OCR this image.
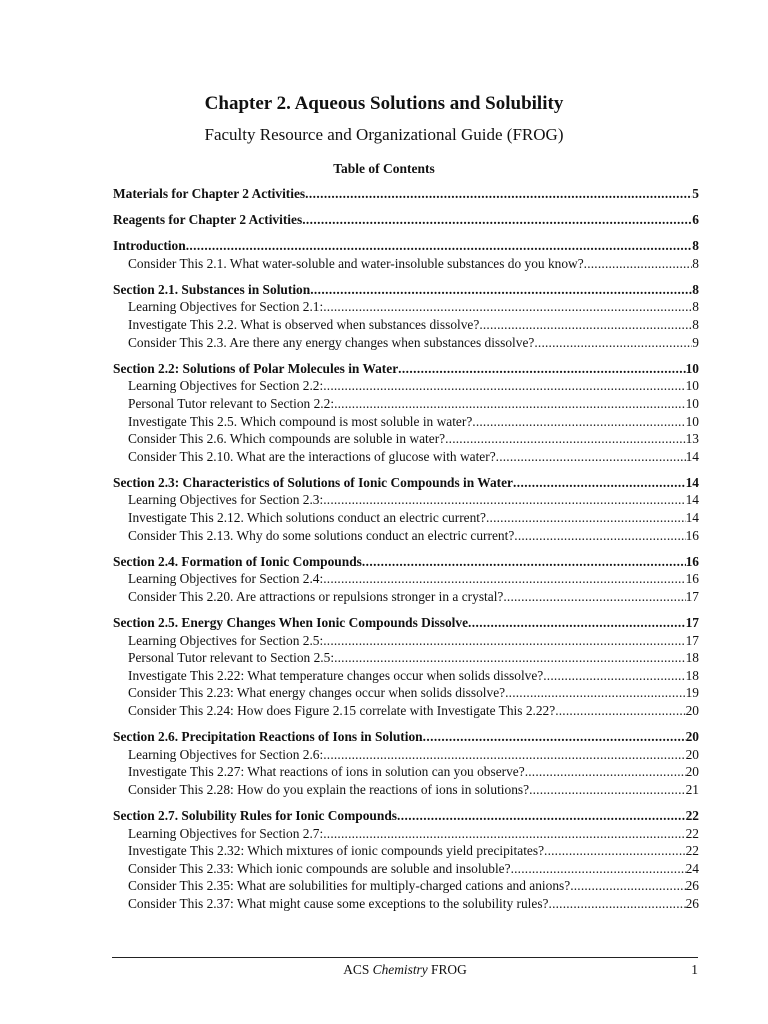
Chapter 2. Aqueous Solutions and Solubility
Faculty Resource and Organizational Guide (FROG)
Table of Contents
Materials for Chapter 2 Activities .....	5
Reagents for Chapter 2 Activities .....	6
Introduction .....	8
Consider This 2.1. What water-soluble and water-insoluble substances do you know? .....	8
Section 2.1. Substances in Solution .....	8
Learning Objectives for Section 2.1: .....	8
Investigate This 2.2. What is observed when substances dissolve? .....	8
Consider This 2.3. Are there any energy changes when substances dissolve? .....	9
Section 2.2: Solutions of Polar Molecules in Water .....	10
Learning Objectives for Section 2.2: .....	10
Personal Tutor relevant to Section 2.2: .....	10
Investigate This 2.5. Which compound is most soluble in water? .....	10
Consider This 2.6. Which compounds are soluble in water? .....	13
Consider This 2.10. What are the interactions of glucose with water? .....	14
Section 2.3: Characteristics of Solutions of Ionic Compounds in Water .....	14
Learning Objectives for Section 2.3: .....	14
Investigate This 2.12. Which solutions conduct an electric current? .....	14
Consider This 2.13. Why do some solutions conduct an electric current? .....	16
Section 2.4. Formation of Ionic Compounds .....	16
Learning Objectives for Section 2.4: .....	16
Consider This 2.20. Are attractions or repulsions stronger in a crystal? .....	17
Section 2.5. Energy Changes When Ionic Compounds Dissolve .....	17
Learning Objectives for Section 2.5: .....	17
Personal Tutor relevant to Section 2.5: .....	18
Investigate This 2.22: What temperature changes occur when solids dissolve? .....	18
Consider This 2.23: What energy changes occur when solids dissolve? .....	19
Consider This 2.24: How does Figure 2.15 correlate with Investigate This 2.22? .....	20
Section 2.6. Precipitation Reactions of Ions in Solution .....	20
Learning Objectives for Section 2.6: .....	20
Investigate This 2.27: What reactions of ions in solution can you observe? .....	20
Consider This 2.28: How do you explain the reactions of ions in solutions? .....	21
Section 2.7. Solubility Rules for Ionic Compounds .....	22
Learning Objectives for Section 2.7: .....	22
Investigate This 2.32: Which mixtures of ionic compounds yield precipitates? .....	22
Consider This 2.33: Which ionic compounds are soluble and insoluble? .....	24
Consider This 2.35: What are solubilities for multiply-charged cations and anions? .....	26
Consider This 2.37: What might cause some exceptions to the solubility rules? .....	26
ACS Chemistry FROG	1
